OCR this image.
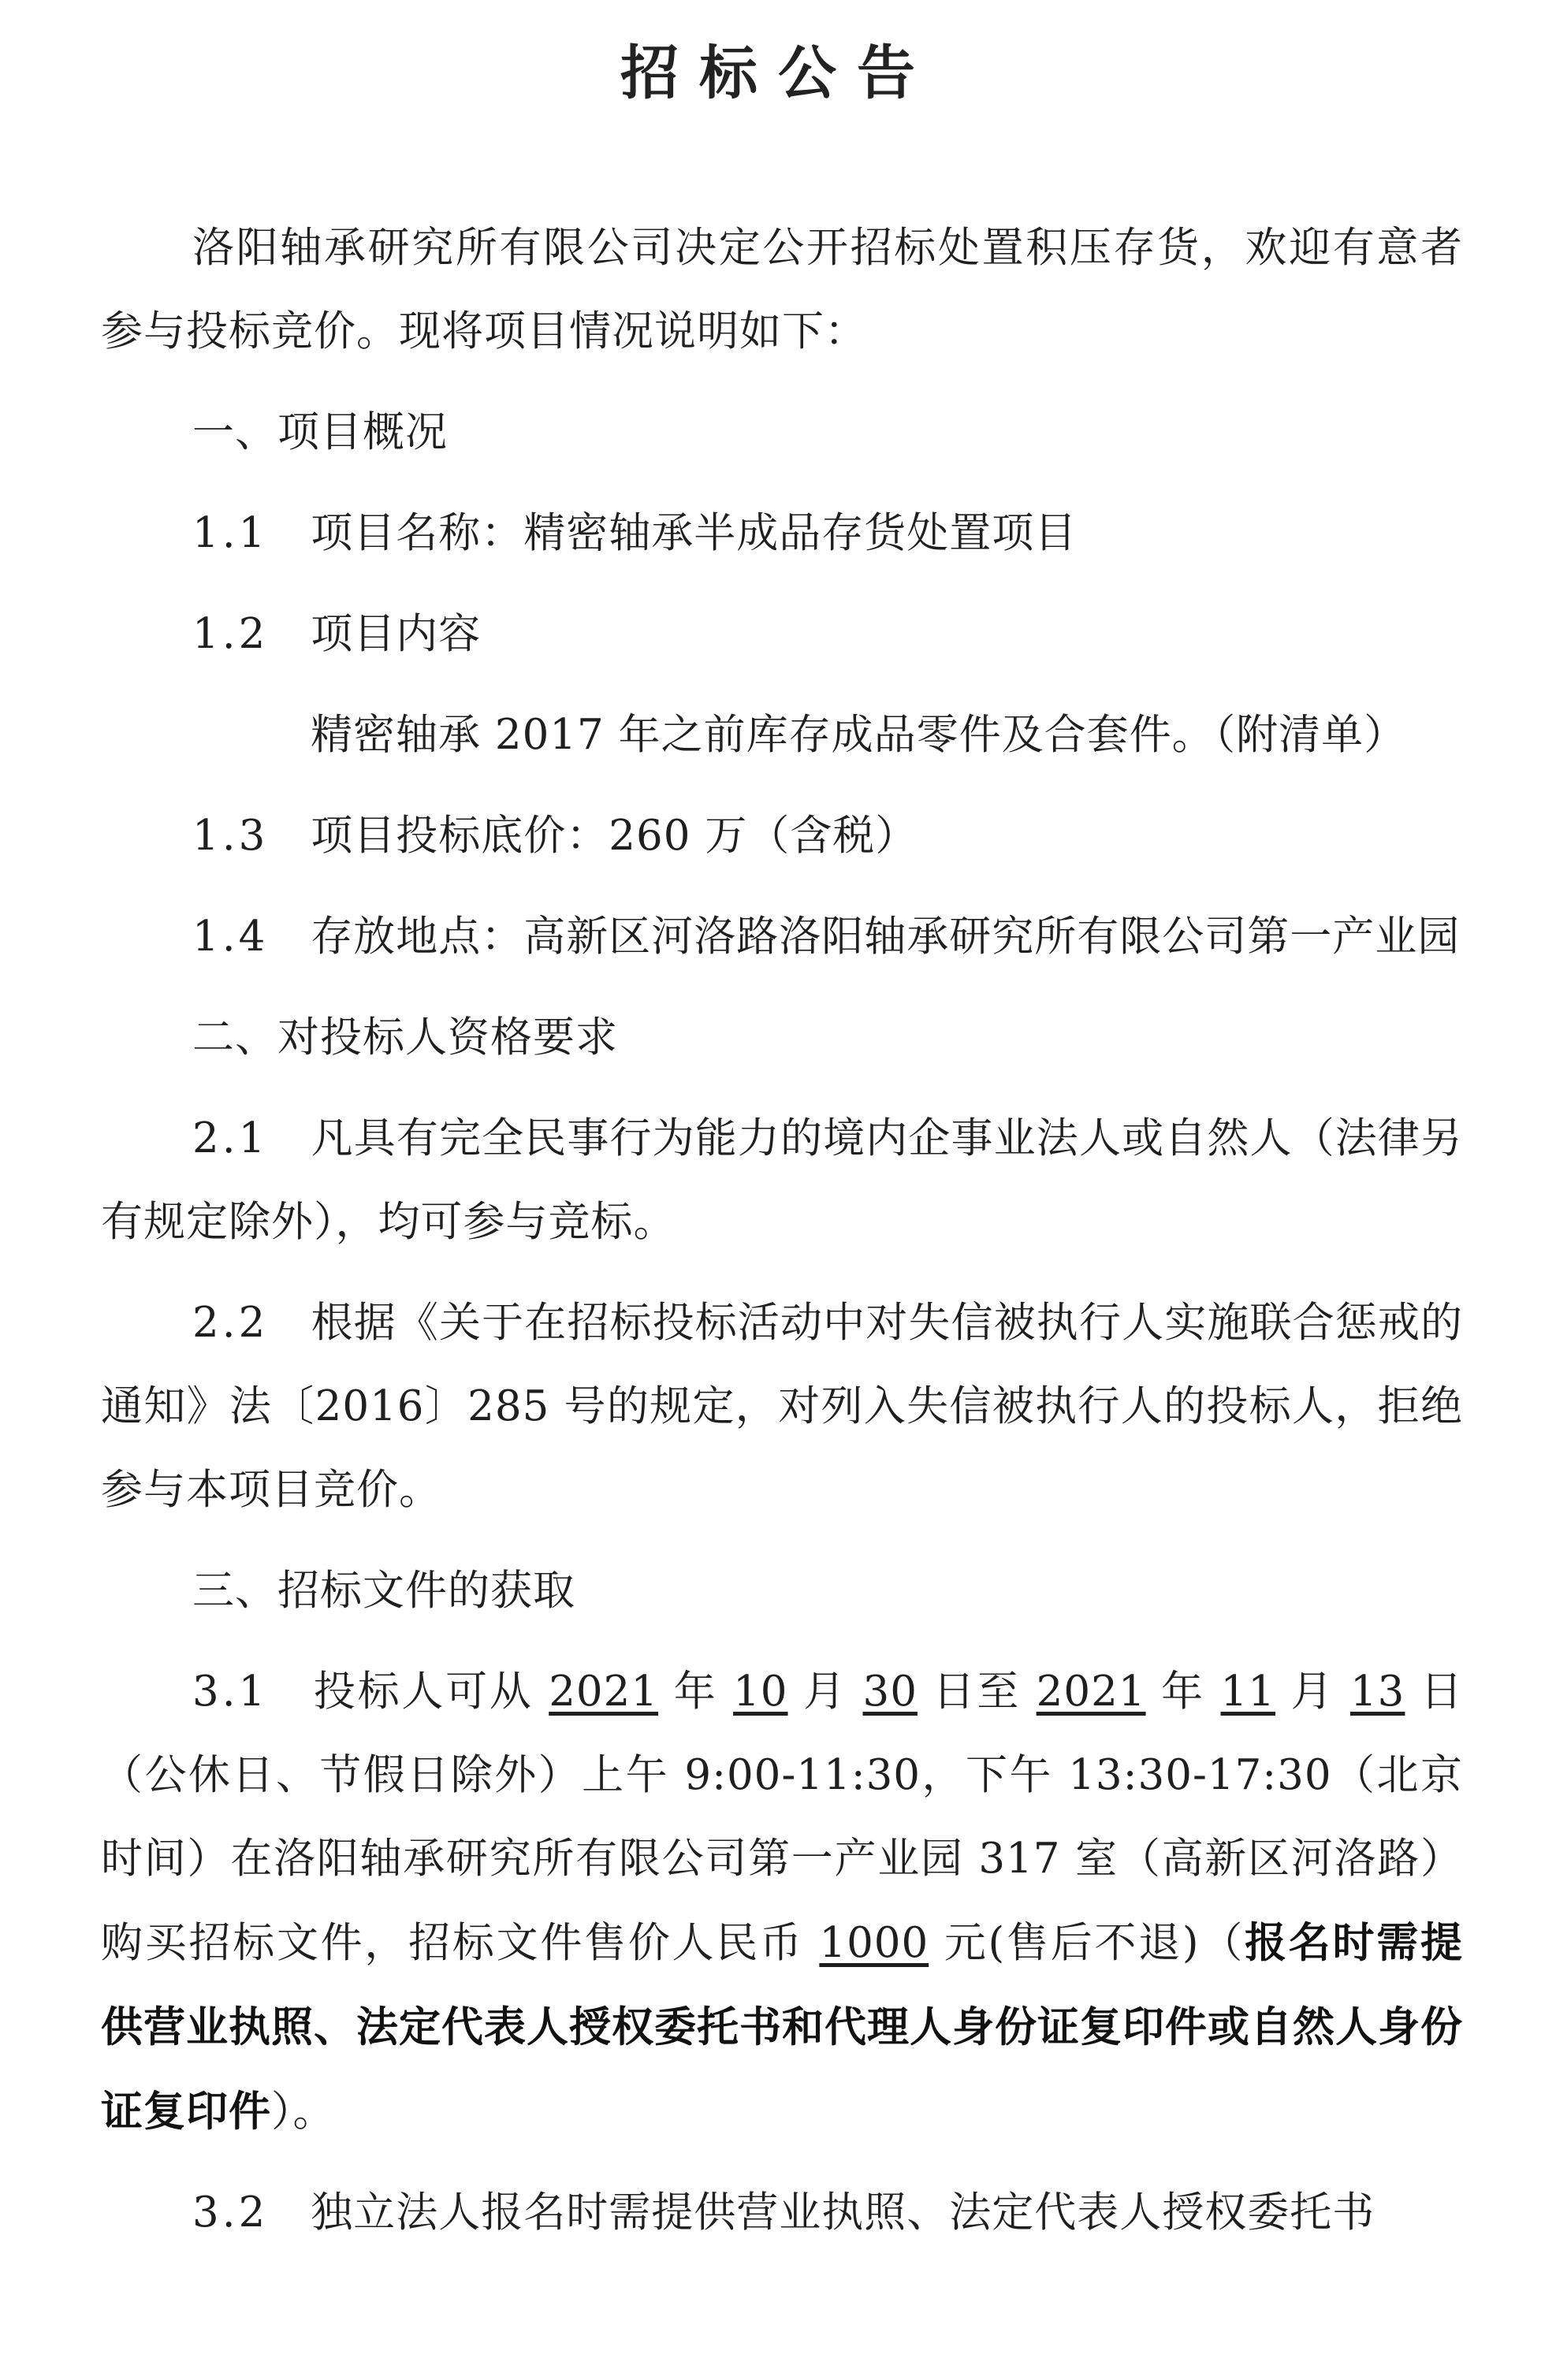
招标公告

洛阳轴承研究所有限公司决定公开招标处置积压存货，欢迎有意者参与投标竞价。现将项目情况说明如下：

一、项目概况

1.1　 项目名称：精密轴承半成品存货处置项目

1.2　 项目内容

精密轴承 2017 年之前库存成品零件及合套件。（附清单）

1.3　 项目投标底价：260 万（含税）

1.4　 存放地点：高新区河洛路洛阳轴承研究所有限公司第一产业园

二、对投标人资格要求

2.1　 凡具有完全民事行为能力的境内企事业法人或自然人（法律另有规定除外），均可参与竞标。

2.2　 根据《关于在招标投标活动中对失信被执行人实施联合惩戒的通知》法〔2016〕285 号的规定，对列入失信被执行人的投标人，拒绝参与本项目竞价。

三、招标文件的获取

3.1　 投标人可从 2021 年 10 月 30 日至 2021 年 11 月 13 日（公休日、节假日除外）上午 9:00-11:30，下午 13:30-17:30（北京时间）在洛阳轴承研究所有限公司第一产业园 317 室（高新区河洛路）购买招标文件，招标文件售价人民币 1000 元(售后不退)（报名时需提供营业执照、法定代表人授权委托书和代理人身份证复印件或自然人身份证复印件）。

3.2　 独立法人报名时需提供营业执照、法定代表人授权委托书
